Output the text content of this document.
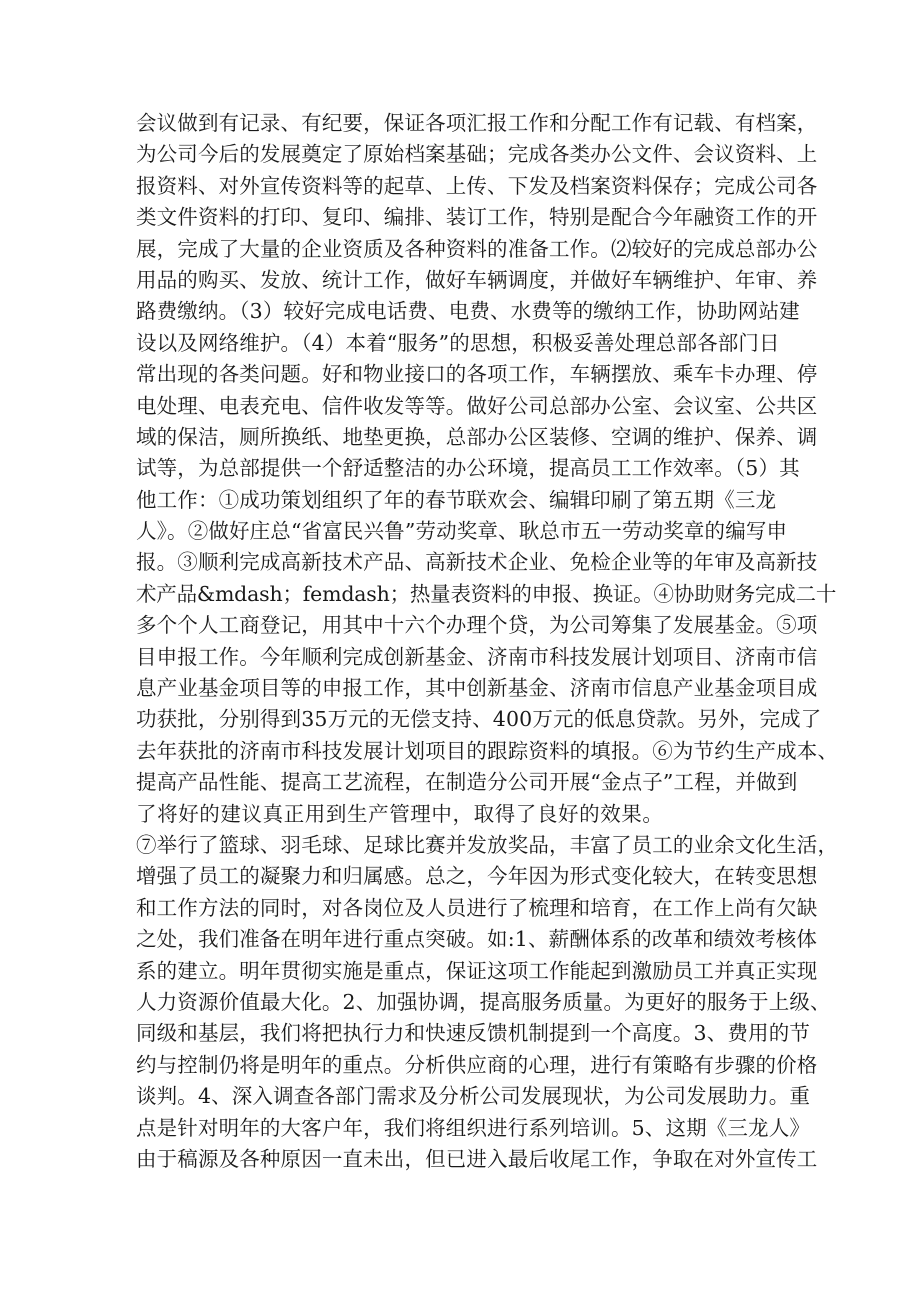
会议做到有记录、有纪要，保证各项汇报工作和分配工作有记载、有档案，
为公司今后的发展奠定了原始档案基础；完成各类办公文件、会议资料、上
报资料、对外宣传资料等的起草、上传、下发及档案资料保存；完成公司各
类文件资料的打印、复印、编排、装订工作，特别是配合今年融资工作的开
展，完成了大量的企业资质及各种资料的准备工作。⑵较好的完成总部办公
用品的购买、发放、统计工作，做好车辆调度，并做好车辆维护、年审、养
路费缴纳。（3）较好完成电话费、电费、水费等的缴纳工作，协助网站建
设以及网络维护。（4）本着“服务”的思想，积极妥善处理总部各部门日
常出现的各类问题。好和物业接口的各项工作，车辆摆放、乘车卡办理、停
电处理、电表充电、信件收发等等。做好公司总部办公室、会议室、公共区
域的保洁，厕所换纸、地垫更换，总部办公区装修、空调的维护、保养、调
试等，为总部提供一个舒适整洁的办公环境，提高员工工作效率。（5）其
他工作：①成功策划组织了年的春节联欢会、编辑印刷了第五期《三龙
人》。②做好庄总“省富民兴鲁”劳动奖章、耿总市五一劳动奖章的编写申
报。③顺利完成高新技术产品、高新技术企业、免检企业等的年审及高新技
术产品&mdash；femdash；热量表资料的申报、换证。④协助财务完成二十
多个个人工商登记，用其中十六个办理个贷，为公司筹集了发展基金。⑤项
目申报工作。今年顺利完成创新基金、济南市科技发展计划项目、济南市信
息产业基金项目等的申报工作，其中创新基金、济南市信息产业基金项目成
功获批，分别得到35万元的无偿支持、400万元的低息贷款。另外，完成了
去年获批的济南市科技发展计划项目的跟踪资料的填报。⑥为节约生产成本、
提高产品性能、提高工艺流程，在制造分公司开展“金点子”工程，并做到
了将好的建议真正用到生产管理中，取得了良好的效果。
⑦举行了篮球、羽毛球、足球比赛并发放奖品，丰富了员工的业余文化生活，
增强了员工的凝聚力和归属感。总之，今年因为形式变化较大，在转变思想
和工作方法的同时，对各岗位及人员进行了梳理和培育，在工作上尚有欠缺
之处，我们准备在明年进行重点突破。如:1、薪酬体系的改革和绩效考核体
系的建立。明年贯彻实施是重点，保证这项工作能起到激励员工并真正实现
人力资源价值最大化。2、加强协调，提高服务质量。为更好的服务于上级、
同级和基层，我们将把执行力和快速反馈机制提到一个高度。3、费用的节
约与控制仍将是明年的重点。分析供应商的心理，进行有策略有步骤的价格
谈判。4、深入调查各部门需求及分析公司发展现状，为公司发展助力。重
点是针对明年的大客户年，我们将组织进行系列培训。5、这期《三龙人》
由于稿源及各种原因一直未出，但已进入最后收尾工作，争取在对外宣传工
